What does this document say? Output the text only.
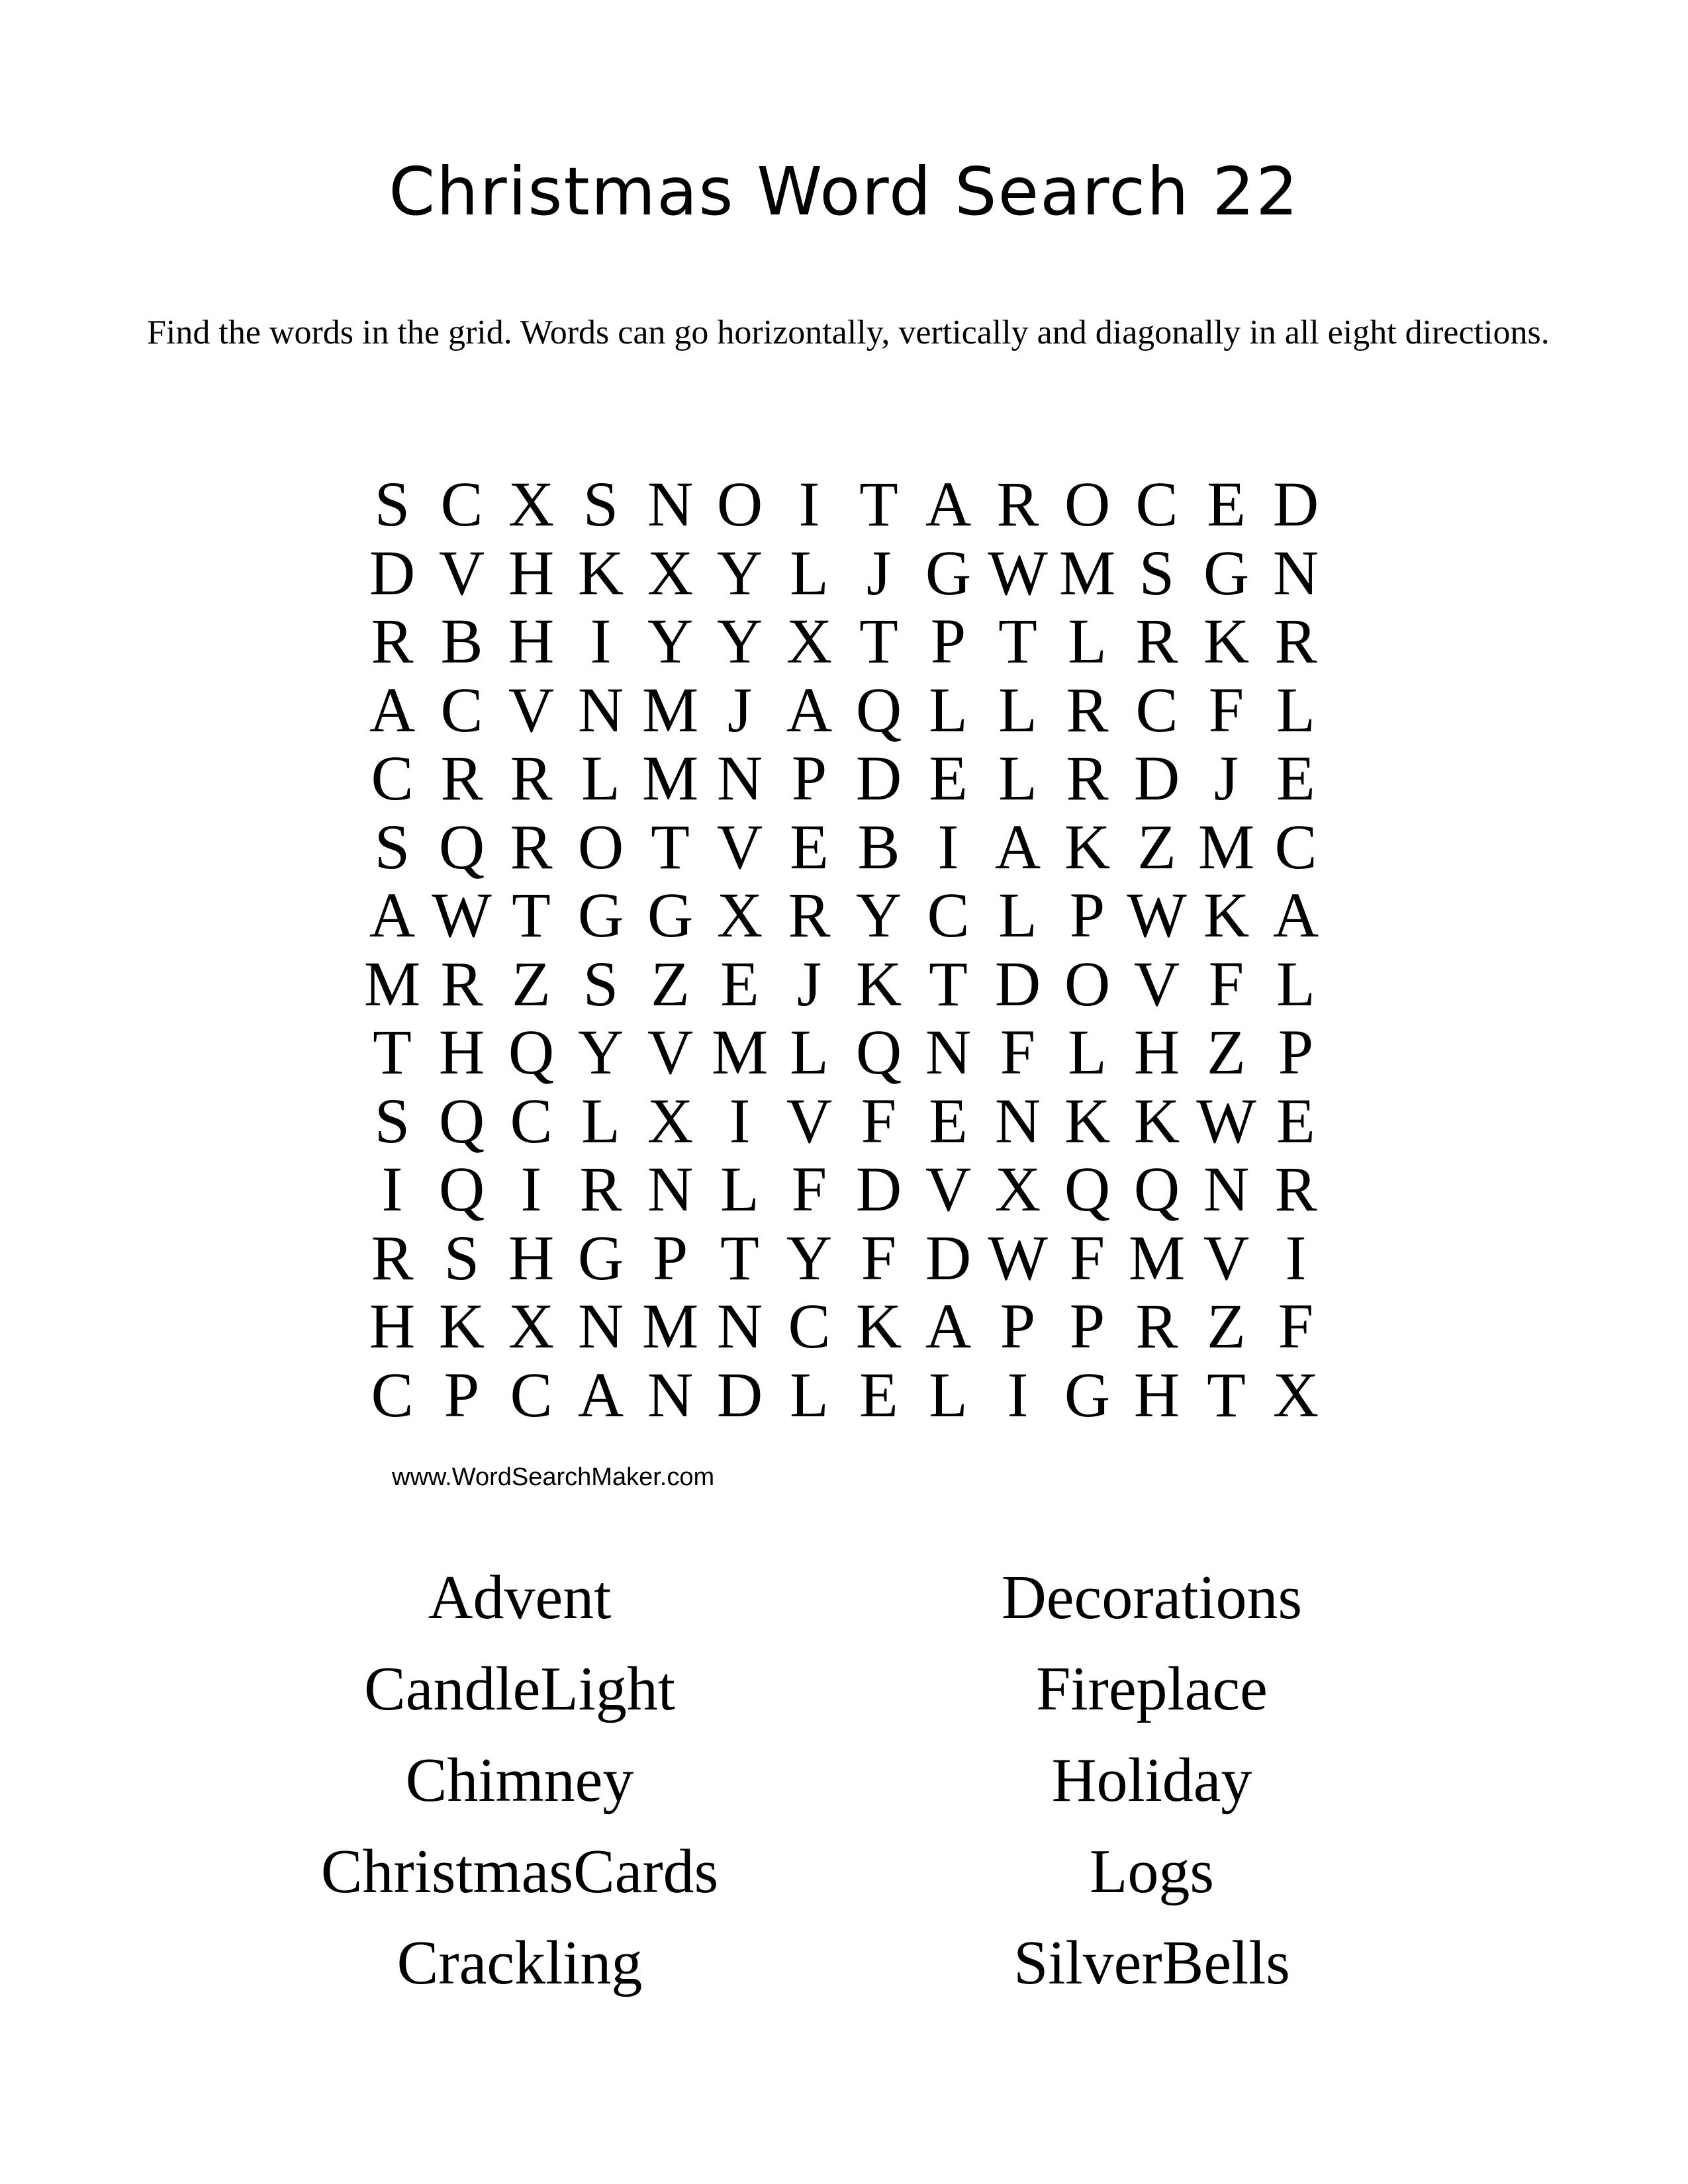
Christmas Word Search 22
Find the words in the grid. Words can go horizontally, vertically and diagonally in all eight directions.
S C X S N O I T A R O C E D
D V H K X Y L J G W M S G N
R B H I Y Y X T P T L R K R
A C V N M J A Q L L R C F L
C R R L M N P D E L R D J E
S Q R O T V E B I A K Z M C
A W T G G X R Y C L P W K A
M R Z S Z E J K T D O V F L
T H Q Y V M L Q N F L H Z P
S Q C L X I V F E N K K W E
I Q I R N L F D V X Q Q N R
R S H G P T Y F D W F M V I
H K X N M N C K A P P R Z F
C P C A N D L E L I G H T X
www.WordSearchMaker.com
Advent
CandleLight
Chimney
ChristmasCards
Crackling
Decorations
Fireplace
Holiday
Logs
SilverBells
